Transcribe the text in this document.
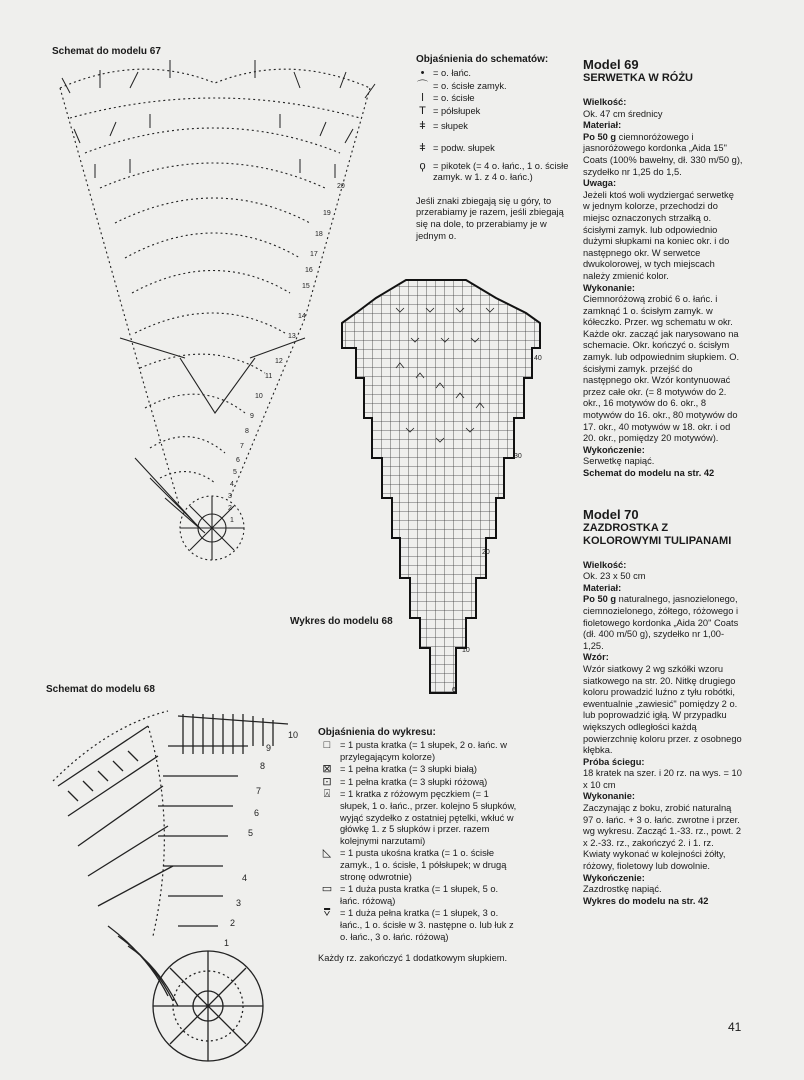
Schemat do modelu 67
Schemat do modelu 68
Wykres do modelu 68
20
19
18
17
16
15
14
13
12
11
10
9
8
7
6
5
4
3
2
1
Objaśnienia do schematów:
• = o. łańc.
⌒ = o. ścisłe zamyk.
ǀ = o. ścisłe
T = półsłupek
ǂ = słupek
ǂ = podw. słupek
ϙ = pikotek (= 4 o. łańc., 1 o. ścisłe zamyk. w 1. z 4 o. łańc.)
Jeśli znaki zbiegają się u góry, to przerabiamy je razem, jeśli zbiegają się na dole, to przerabiamy je w jednym o.
40
30
20
10
6
10
9
8
7
6
5
4
3
2
1
Objaśnienia do wykresu:
□	= 1 pusta kratka (= 1 słupek, 2 o. łańc. w przylegającym kolorze)
⊠ = 1 pełna kratka (= 3 słupki białą)
⊡ = 1 pełna kratka (= 3 słupki różową)
⍓	= 1 kratka z różowym pęczkiem (= 1 słupek, 1 o. łańc., przer. kolejno 5 słupków, wyjąć szydełko z ostatniej pętelki, wkłuć w główkę 1. z 5 słupków i przer. razem kolejnymi narzutami)
◺ = 1 pusta ukośna kratka (= 1 o. ścisłe zamyk., 1 o. ścisłe, 1 półsłupek; w drugą stronę odwrotnie)
▭ = 1 duża pusta kratka (= 1 słupek, 5 o. łańc. różową)
⩢	= 1 duża pełna kratka (= 1 słupek, 3 o. łańc., 1 o. ścisłe w 3. następne o. lub łuk z o. łańc., 3 o. łańc. różową)
Każdy rz. zakończyć 1 dodatkowym słupkiem.
Model 69
SERWETKA W RÓŻU
Wielkość:

Ok. 47 cm średnicy

Materiał:

Po 50 g ciemnoróżowego i jasnoróżowego kordonka „Aida 15" Coats (100% bawełny, dł. 330 m/50 g), szydełko nr 1,25 do 1,5.

Uwaga:

Jeżeli ktoś woli wydziergać serwetkę w jednym kolorze, przechodzi do miejsc oznaczonych strzałką o. ścisłymi zamyk. lub odpowiednio dużymi słupkami na koniec okr. i do następnego okr. W serwetce dwukolorowej, w tych miejscach należy zmienić kolor.

Wykonanie:

Ciemnoróżową zrobić 6 o. łańc. i zamknąć 1 o. ścisłym zamyk. w kółeczko. Przer. wg schematu w okr. Każde okr. zacząć jak narysowano na schemacie. Okr. kończyć o. ścisłym zamyk. lub odpowiednim słupkiem. O. ścisłymi zamyk. przejść do następnego okr. Wzór kontynuować przez całe okr. (= 8 motywów do 2. okr., 16 motywów do 6. okr., 8 motywów do 16. okr., 80 motywów do 17. okr., 40 motywów w 18. okr. i od 20. okr., pomiędzy 20 motywów).

Wykończenie:

Serwetkę napiąć.

Schemat do modelu na str. 42
Model 70
ZAZDROSTKA Z KOLOROWYMI TULIPANAMI
Wielkość:

Ok. 23 x 50 cm

Materiał:

Po 50 g naturalnego, jasnozielonego, ciemnozielonego, żółtego, różowego i fioletowego kordonka „Aida 20" Coats (dł. 400 m/50 g), szydełko nr 1,00-1,25.

Wzór:

Wzór siatkowy 2 wg szkółki wzoru siatkowego na str. 20. Nitkę drugiego koloru prowadzić luźno z tyłu robótki, ewentualnie „zawiesić" pomiędzy 2 o. lub poprowadzić igłą. W przypadku większych odległości każdą powierzchnię koloru przer. z osobnego kłębka.

Próba ściegu:

18 kratek na szer. i 20 rz. na wys. = 10 x 10 cm

Wykonanie:

Zaczynając z boku, zrobić naturalną 97 o. łańc. + 3 o. łańc. zwrotne i przer. wg wykresu. Zacząć 1.-33. rz., powt. 2 x 2.-33. rz., zakończyć 2. i 1. rz. Kwiaty wykonać w kolejności żółty, różowy, fioletowy lub dowolnie.

Wykończenie:

Zazdrostkę napiąć.

Wykres do modelu na str. 42
41
